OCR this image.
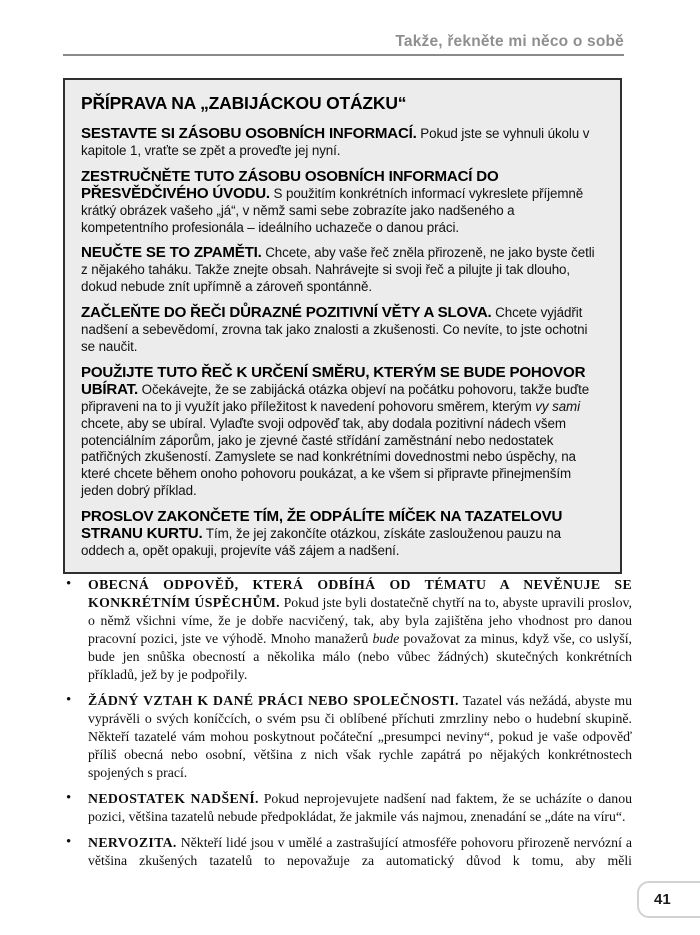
Takže, řekněte mi něco o sobě
PŘÍPRAVA NA „ZABIJÁCKOU OTÁZKU“

SESTAVTE SI ZÁSOBU OSOBNÍCH INFORMACÍ. Pokud jste se vyhnuli úkolu v kapitole 1, vraťte se zpět a proveďte jej nyní.

ZESTRUČNĚTE TUTO ZÁSOBU OSOBNÍCH INFORMACÍ DO PŘESVĚDČIVÉHO ÚVODU. S použitím konkrétních informací vykreslete příjemně krátký obrázek vašeho „já“, v němž sami sebe zobrazíte jako nadšeného a kompetentního profesionála – ideálního uchazeče o danou práci.

NEUČTE SE TO ZPAMĚTI. Chcete, aby vaše řeč zněla přirozeně, ne jako byste četli z nějakého taháku. Takže znejte obsah. Nahrávejte si svoji řeč a pilujte ji tak dlouho, dokud nebude znít upřímně a zároveň spontánně.

ZAČLEŇTE DO ŘEČI DŮRAZNÉ POZITIVNÍ VĚTY A SLOVA. Chcete vyjádřit nadšení a sebevědomí, zrovna tak jako znalosti a zkušenosti. Co nevíte, to jste ochotni se naučit.

POUŽIJTE TUTO ŘEČ K URČENÍ SMĚRU, KTERÝM SE BUDE POHOVOR UBÍRAT. Očekávejte, že se zabijácká otázka objeví na počátku pohovoru, takže buďte připraveni na to ji využít jako příležitost k navedení pohovoru směrem, kterým vy sami chcete, aby se ubíral. Vylaďte svoji odpověď tak, aby dodala pozitivní nádech všem potenciálním záporům, jako je zjevné časté střídání zaměstnání nebo nedostatek patřičných zkušeností. Zamyslete se nad konkrétními dovednostmi nebo úspěchy, na které chcete během onoho pohovoru poukázat, a ke všem si připravte přinejmenším jeden dobrý příklad.

PROSLOV ZAKONČETE TÍM, ŽE ODPÁLÍTE MÍČEK NA TAZATELOVU STRANU KURTU. Tím, že jej zakončíte otázkou, získáte zaslouženou pauzu na oddech a, opět opakuji, projevíte váš zájem a nadšení.

• OBECNÁ ODPOVĚĎ, KTERÁ ODBÍHÁ OD TÉMATU A NEVĚNUJE SE KONKRÉTNÍM ÚSPĚCHŮM. Pokud jste byli dostatečně chytří na to, abyste upravili proslov, o němž všichni víme, že je dobře nacvičený, tak, aby byla zajištěna jeho vhodnost pro danou pracovní pozici, jste ve výhodě. Mnoho manažerů bude považovat za minus, když vše, co uslyší, bude jen snůška obecností a několika málo (nebo vůbec žádných) skutečných konkrétních příkladů, jež by je podpořily.
• ŽÁDNÝ VZTAH K DANÉ PRÁCI NEBO SPOLEČNOSTI. Tazatel vás nežádá, abyste mu vyprávěli o svých koníčcích, o svém psu či oblíbené příchuti zmrzliny nebo o hudební skupině. Někteří tazatelé vám mohou poskytnout počáteční „presumpci neviny“, pokud je vaše odpověď příliš obecná nebo osobní, většina z nich však rychle zapátrá po nějakých konkrétnostech spojených s prací.
• NEDOSTATEK NADŠENÍ. Pokud neprojevujete nadšení nad faktem, že se ucházíte o danou pozici, většina tazatelů nebude předpokládat, že jakmile vás najmou, znenadání se „dáte na víru“.
• NERVOZITA. Někteří lidé jsou v umělé a zastrašující atmosféře pohovoru přirozeně nervózní a většina zkušených tazatelů to nepovažuje za automatický důvod k tomu, aby měli
41
